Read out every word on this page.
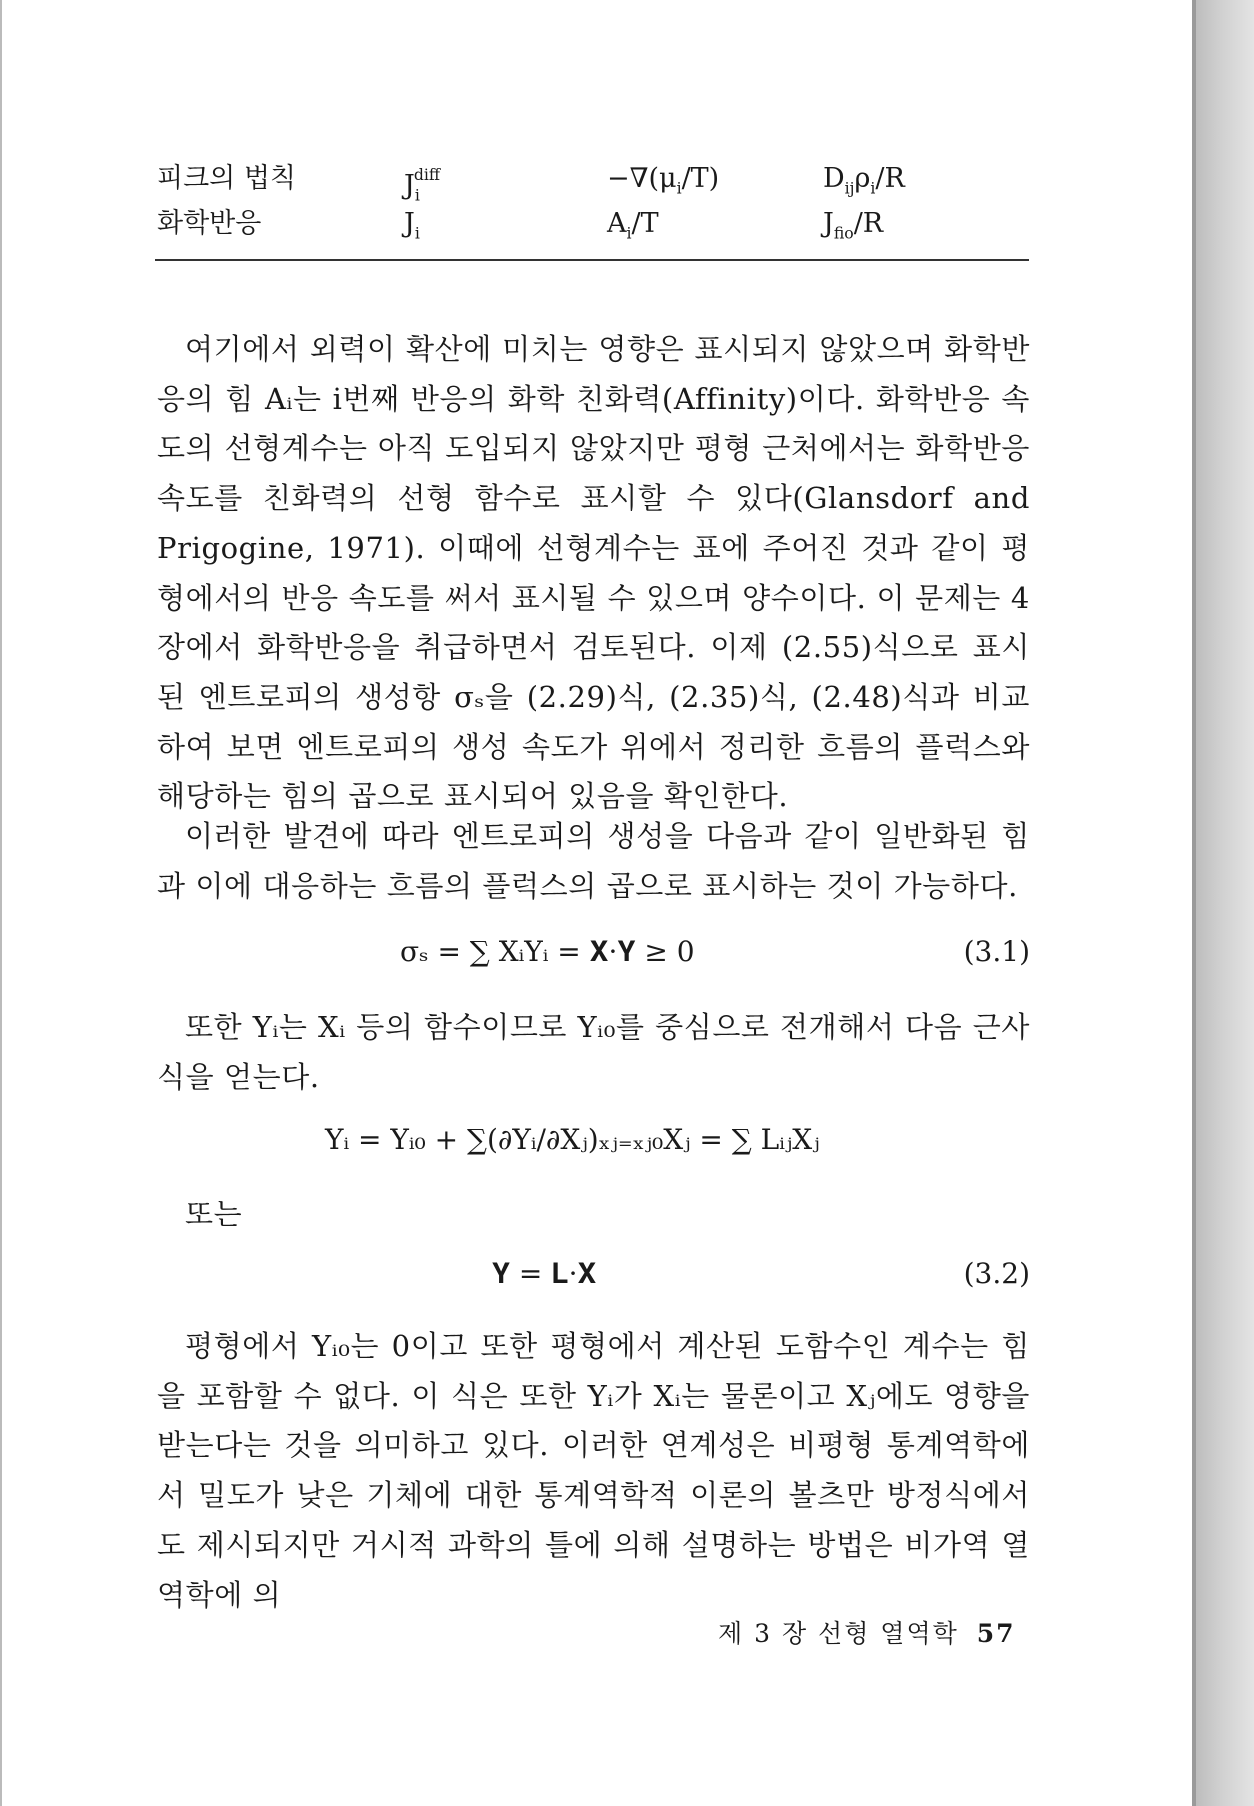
피크의 법칙	$J_i^{diff}$	$-\nabla(\mu_i/T)$	$D_{ij}\rho_i/R$
화학반응	$J_i$	$A_i/T$	$J_{fio}/R$
여기에서 외력이 확산에 미치는 영향은 표시되지 않았으며 화학반응의 힘 Aᵢ는 i번째 반응의 화학 친화력(Affinity)이다. 화학반응 속도의 선형계수는 아직 도입되지 않았지만 평형 근처에서는 화학반응속도를 친화력의 선형 함수로 표시할 수 있다(Glansdorf and Prigogine, 1971). 이때에 선형계수는 표에 주어진 것과 같이 평형에서의 반응 속도를 써서 표시될 수 있으며 양수이다. 이 문제는 4장에서 화학반응을 취급하면서 검토된다. 이제 (2.55)식으로 표시된 엔트로피의 생성항 σₛ을 (2.29)식, (2.35)식, (2.48)식과 비교하여 보면 엔트로피의 생성 속도가 위에서 정리한 흐름의 플럭스와 해당하는 힘의 곱으로 표시되어 있음을 확인한다.
이러한 발견에 따라 엔트로피의 생성을 다음과 같이 일반화된 힘과 이에 대응하는 흐름의 플럭스의 곱으로 표시하는 것이 가능하다.
σₛ = ∑ XᵢYᵢ = 𝐗·𝐘 ≥ 0	(3.1)
또한 Yᵢ는 Xᵢ 등의 함수이므로 Yᵢ₀를 중심으로 전개해서 다음 근사식을 얻는다.
Yᵢ = Yᵢ₀ + ∑(∂Yᵢ/∂Xⱼ)ₓⱼ₌ₓⱼ₀Xⱼ = ∑ LᵢⱼXⱼ
또는
𝐘 = 𝐋·𝐗	(3.2)
평형에서 Yᵢ₀는 0이고 또한 평형에서 계산된 도함수인 계수는 힘을 포함할 수 없다. 이 식은 또한 Yᵢ가 Xᵢ는 물론이고 Xⱼ에도 영향을 받는다는 것을 의미하고 있다. 이러한 연계성은 비평형 통계역학에서 밀도가 낮은 기체에 대한 통계역학적 이론의 볼츠만 방정식에서도 제시되지만 거시적 과학의 틀에 의해 설명하는 방법은 비가역 열역학에 의
제 3 장 선형 열역학 57
